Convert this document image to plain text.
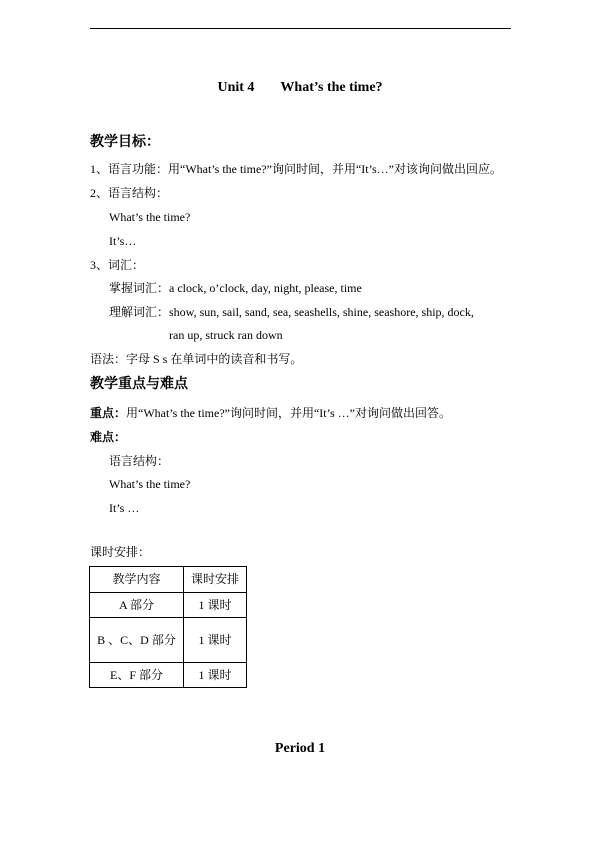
Unit 4 What’s the time?
教学目标：
1、语言功能：用“What’s the time?”询问时间，并用“It’s…”对该询问做出回应。
2、语言结构：
What’s the time?
It’s…
3、词汇：
掌握词汇：a clock, o’clock, day, night, please, time
理解词汇：show, sun, sail, sand, sea, seashells, shine, seashore, ship, dock,
ran up, struck ran down
语法：字母 S s 在单词中的读音和书写。
教学重点与难点
重点：用“What’s the time?”询问时间，并用“It’s …”对询问做出回答。
难点：
语言结构：
What’s the time?
It’s …
课时安排：
教学内容	课时安排
A 部分	1 课时
B 、C、D 部分	1 课时
E、F 部分	1 课时
Period 1
